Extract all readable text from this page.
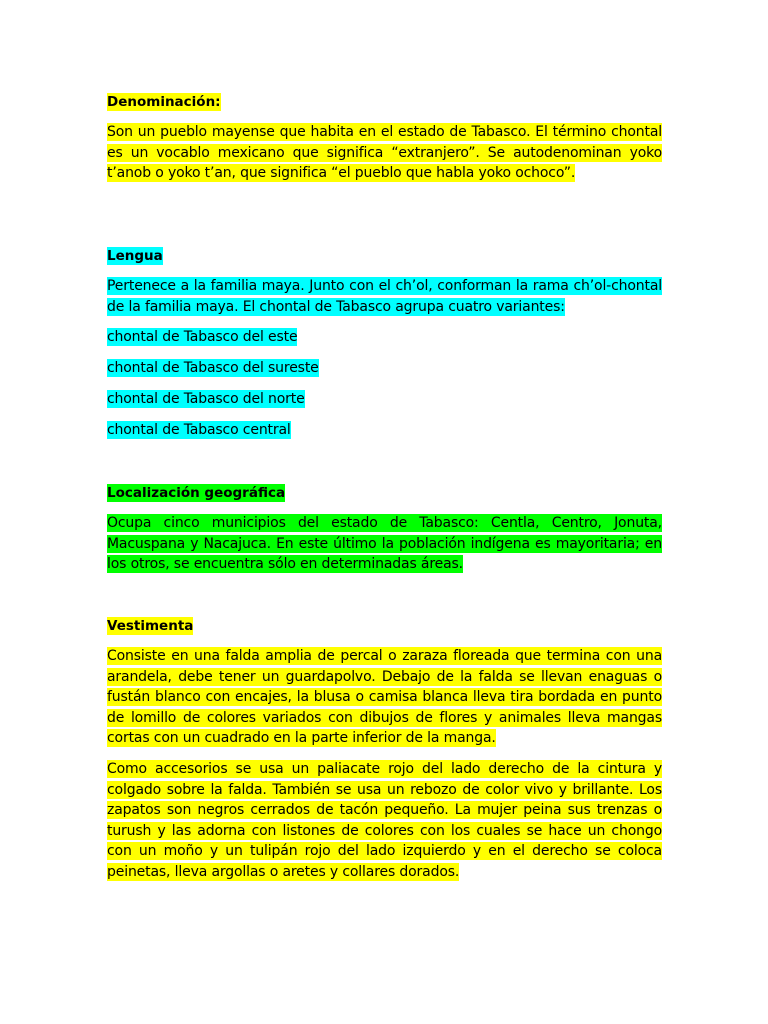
Denominación:

Son un pueblo mayense que habita en el estado de Tabasco. El término chontal es un vocablo mexicano que significa “extranjero”. Se autodenominan yoko t’anob o yoko t’an, que significa “el pueblo que habla yoko ochoco”.

Lengua

Pertenece a la familia maya. Junto con el ch’ol, conforman la rama ch’ol-chontal de la familia maya. El chontal de Tabasco agrupa cuatro variantes:

chontal de Tabasco del este

chontal de Tabasco del sureste

chontal de Tabasco del norte

chontal de Tabasco central

Localización geográfica

Ocupa cinco municipios del estado de Tabasco: Centla, Centro, Jonuta, Macuspana y Nacajuca. En este último la población indígena es mayoritaria; en los otros, se encuentra sólo en determinadas áreas.

Vestimenta

Consiste en una falda amplia de percal o zaraza floreada que termina con una arandela, debe tener un guardapolvo. Debajo de la falda se llevan enaguas o fustán blanco con encajes, la blusa o camisa blanca lleva tira bordada en punto de lomillo de colores variados con dibujos de flores y animales lleva mangas cortas con un cuadrado en la parte inferior de la manga.

Como accesorios se usa un paliacate rojo del lado derecho de la cintura y colgado sobre la falda. También se usa un rebozo de color vivo y brillante. Los zapatos son negros cerrados de tacón pequeño. La mujer peina sus trenzas o turush y las adorna con listones de colores con los cuales se hace un chongo con un moño y un tulipán rojo del lado izquierdo y en el derecho se coloca peinetas, lleva argollas o aretes y collares dorados.
